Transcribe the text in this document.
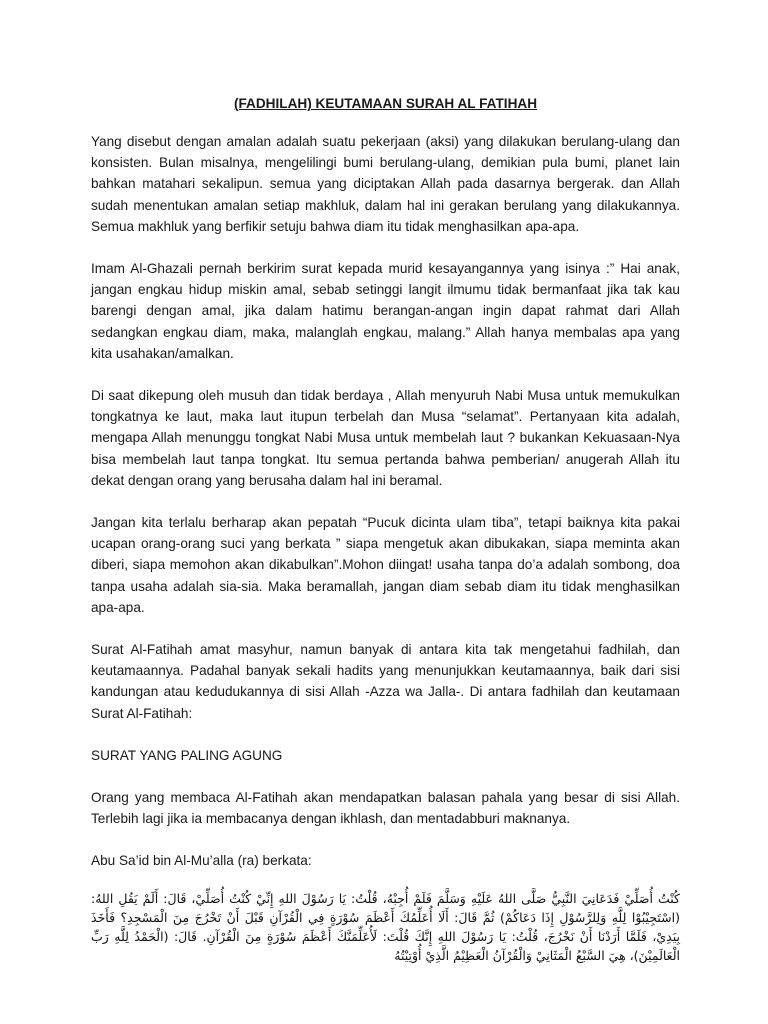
(FADHILAH) KEUTAMAAN SURAH AL FATIHAH

Yang disebut dengan amalan adalah suatu pekerjaan (aksi) yang dilakukan berulang-ulang dan konsisten. Bulan misalnya, mengelilingi bumi berulang-ulang, demikian pula bumi, planet lain bahkan matahari sekalipun. semua yang diciptakan Allah pada dasarnya bergerak. dan Allah sudah menentukan amalan setiap makhluk, dalam hal ini gerakan berulang yang dilakukannya. Semua makhluk yang berfikir setuju bahwa diam itu tidak menghasilkan apa-apa.

Imam Al-Ghazali pernah berkirim surat kepada murid kesayangannya yang isinya :” Hai anak, jangan engkau hidup miskin amal, sebab setinggi langit ilmumu tidak bermanfaat jika tak kau barengi dengan amal, jika dalam hatimu berangan-angan ingin dapat rahmat dari Allah sedangkan engkau diam, maka, malanglah engkau, malang.” Allah hanya membalas apa yang kita usahakan/amalkan.

Di saat dikepung oleh musuh dan tidak berdaya , Allah menyuruh Nabi Musa untuk memukulkan tongkatnya ke laut, maka laut itupun terbelah dan Musa “selamat”. Pertanyaan kita adalah, mengapa Allah menunggu tongkat Nabi Musa untuk membelah laut ? bukankan Kekuasaan-Nya bisa membelah laut tanpa tongkat. Itu semua pertanda bahwa pemberian/ anugerah Allah itu dekat dengan orang yang berusaha dalam hal ini beramal.

Jangan kita terlalu berharap akan pepatah “Pucuk dicinta ulam tiba”, tetapi baiknya kita pakai ucapan orang-orang suci yang berkata ” siapa mengetuk akan dibukakan, siapa meminta akan diberi, siapa memohon akan dikabulkan”.Mohon diingat! usaha tanpa do’a adalah sombong, doa tanpa usaha adalah sia-sia. Maka beramallah, jangan diam sebab diam itu tidak menghasilkan apa-apa.

Surat Al-Fatihah amat masyhur, namun banyak di antara kita tak mengetahui fadhilah, dan keutamaannya. Padahal banyak sekali hadits yang menunjukkan keutamaannya, baik dari sisi kandungan atau kedudukannya di sisi Allah -Azza wa Jalla-. Di antara fadhilah dan keutamaan Surat Al-Fatihah:

SURAT YANG PALING AGUNG

Orang yang membaca Al-Fatihah akan mendapatkan balasan pahala yang besar di sisi Allah. Terlebih lagi jika ia membacanya dengan ikhlash, dan mentadabburi maknanya.

Abu Sa’id bin Al-Mu’alla (ra) berkata:

كُنْتُ أُصَلِّيْ فَدَعَانِيَ النَّبِيُّ صَلَّى اللهُ عَلَيْهِ وَسَلَّمَ فَلَمْ أُجِبْهُ، قُلْتُ: يَا رَسُوْلَ اللهِ إِنِّيْ كُنْتُ أُصَلِّيْ، قَالَ: أَلَمْ يَقُلِ اللهُ: (اسْتَجِيْبُوْا لِلَّهِ وَلِلرَّسُوْلِ إِذَا دَعَاكُمْ) ثُمَّ قَالَ: أَلَا أُعَلِّمُكَ أَعْظَمَ سُوْرَةٍ فِي الْقُرْآنِ قَبْلَ أَنْ تَخْرُجَ مِنَ الْمَسْجِدِ؟ فَأَخَذَ بِيَدِيْ، فَلَمَّا أَرَدْنَا أَنْ نَخْرُجَ، قُلْتُ: يَا رَسُوْلَ اللهِ إِنَّكَ قُلْتَ: لَأُعَلِّمَنَّكَ أَعْظَمَ سُوْرَةٍ مِنَ الْقُرْآنِ. قَالَ: (الْحَمْدُ لِلَّهِ رَبِّ الْعَالَمِيْنَ)، هِيَ السَّبْعُ الْمَثَانِيْ وَالْقُرْآنُ الْعَظِيْمُ الَّذِيْ أُوْتِيْتُهُ
